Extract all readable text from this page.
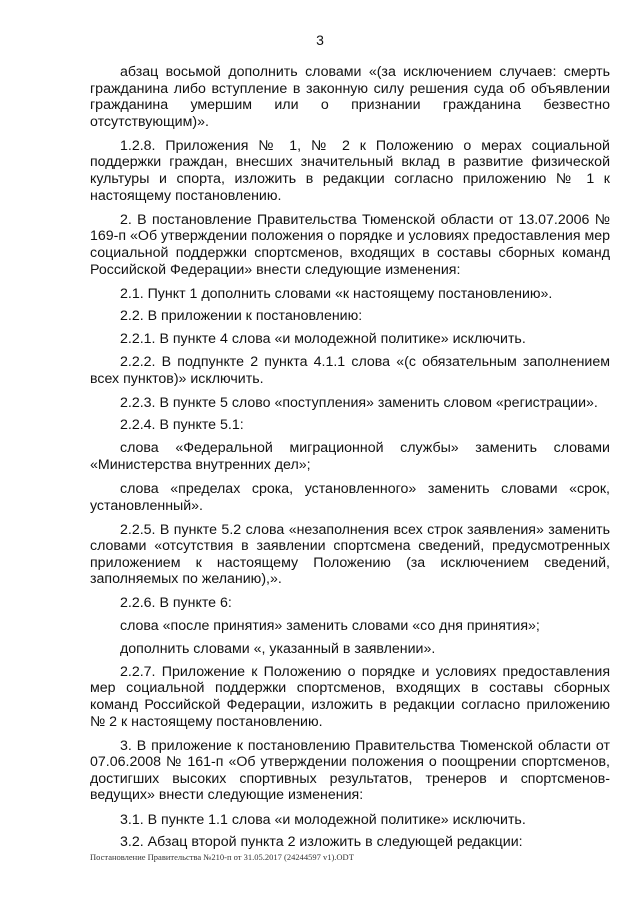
3

абзац восьмой дополнить словами «(за исключением случаев: смерть гражданина либо вступление в законную силу решения суда об объявлении гражданина умершим или о признании гражданина безвестно отсутствующим)».

1.2.8. Приложения № 1, № 2 к Положению о мерах социальной поддержки граждан, внесших значительный вклад в развитие физической культуры и спорта, изложить в редакции согласно приложению № 1 к настоящему постановлению.

2. В постановление Правительства Тюменской области от 13.07.2006 № 169-п «Об утверждении положения о порядке и условиях предоставления мер социальной поддержки спортсменов, входящих в составы сборных команд Российской Федерации» внести следующие изменения:

2.1. Пункт 1 дополнить словами «к настоящему постановлению».

2.2. В приложении к постановлению:

2.2.1. В пункте 4 слова «и молодежной политике» исключить.

2.2.2. В подпункте 2 пункта 4.1.1 слова «(с обязательным заполнением всех пунктов)» исключить.

2.2.3. В пункте 5 слово «поступления» заменить словом «регистрации».

2.2.4. В пункте 5.1:

слова «Федеральной миграционной службы» заменить словами «Министерства внутренних дел»;

слова «пределах срока, установленного» заменить словами «срок, установленный».

2.2.5. В пункте 5.2 слова «незаполнения всех строк заявления» заменить словами «отсутствия в заявлении спортсмена сведений, предусмотренных приложением к настоящему Положению (за исключением сведений, заполняемых по желанию),».

2.2.6. В пункте 6:

слова «после принятия» заменить словами «со дня принятия»;

дополнить словами «, указанный в заявлении».

2.2.7. Приложение к Положению о порядке и условиях предоставления мер социальной поддержки спортсменов, входящих в составы сборных команд Российской Федерации, изложить в редакции согласно приложению № 2 к настоящему постановлению.

3. В приложение к постановлению Правительства Тюменской области от 07.06.2008 № 161-п «Об утверждении положения о поощрении спортсменов, достигших высоких спортивных результатов, тренеров и спортсменов-ведущих» внести следующие изменения:

3.1. В пункте 1.1 слова «и молодежной политике» исключить.

3.2. Абзац второй пункта 2 изложить в следующей редакции:

Постановление Правительства №210-п от 31.05.2017 (24244597 v1).ODT
